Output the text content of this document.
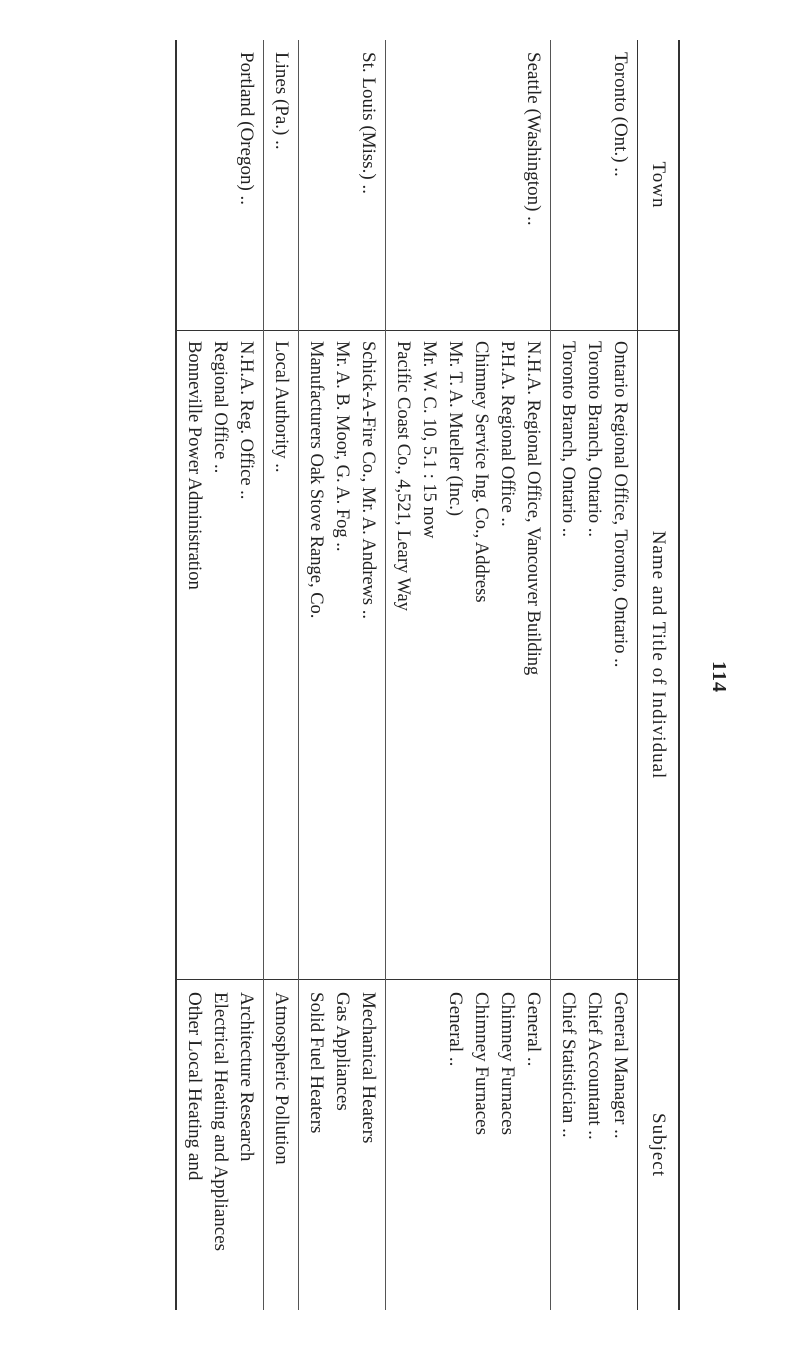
114
Town
Name and Title of Individual
Subject
Toronto (Ont.) ..
Ontario Regional Office, Toronto, Ontario ..
Toronto Branch, Ontario ..
Toronto Branch, Ontario ..
General Manager ..
Chief Accountant ..
Chief Statistician ..
Seattle (Washington) ..
N.H.A. Regional Office, Vancouver Building
P.H.A. Regional Office ..
Chimney Service Ing. Co., Address
Mr. T. A. Mueller (Inc.)
Mr. W. C. 10, 5.1 : 15 now
Pacific Coast Co., 4,521, Leary Way
General ..
Chimney Furnaces
Chimney Furnaces
General ..
St. Louis (Miss.) ..
Schick-A-Fire Co., Mr. A. Andrews ..
Mr. A. B. Moor, G. A. Fog ..
Manufacturers Oak Stove Range, Co.
Mechanical Heaters
Gas Appliances
Solid Fuel Heaters
Lines (Pa.) ..
Local Authority ..
Atmospheric Pollution
Portland (Oregon) ..
N.H.A. Reg. Office ..
Regional Office ..
Bonneville Power Administration
Architecture Research
Electrical Heating and Appliances
Other Local Heating and
